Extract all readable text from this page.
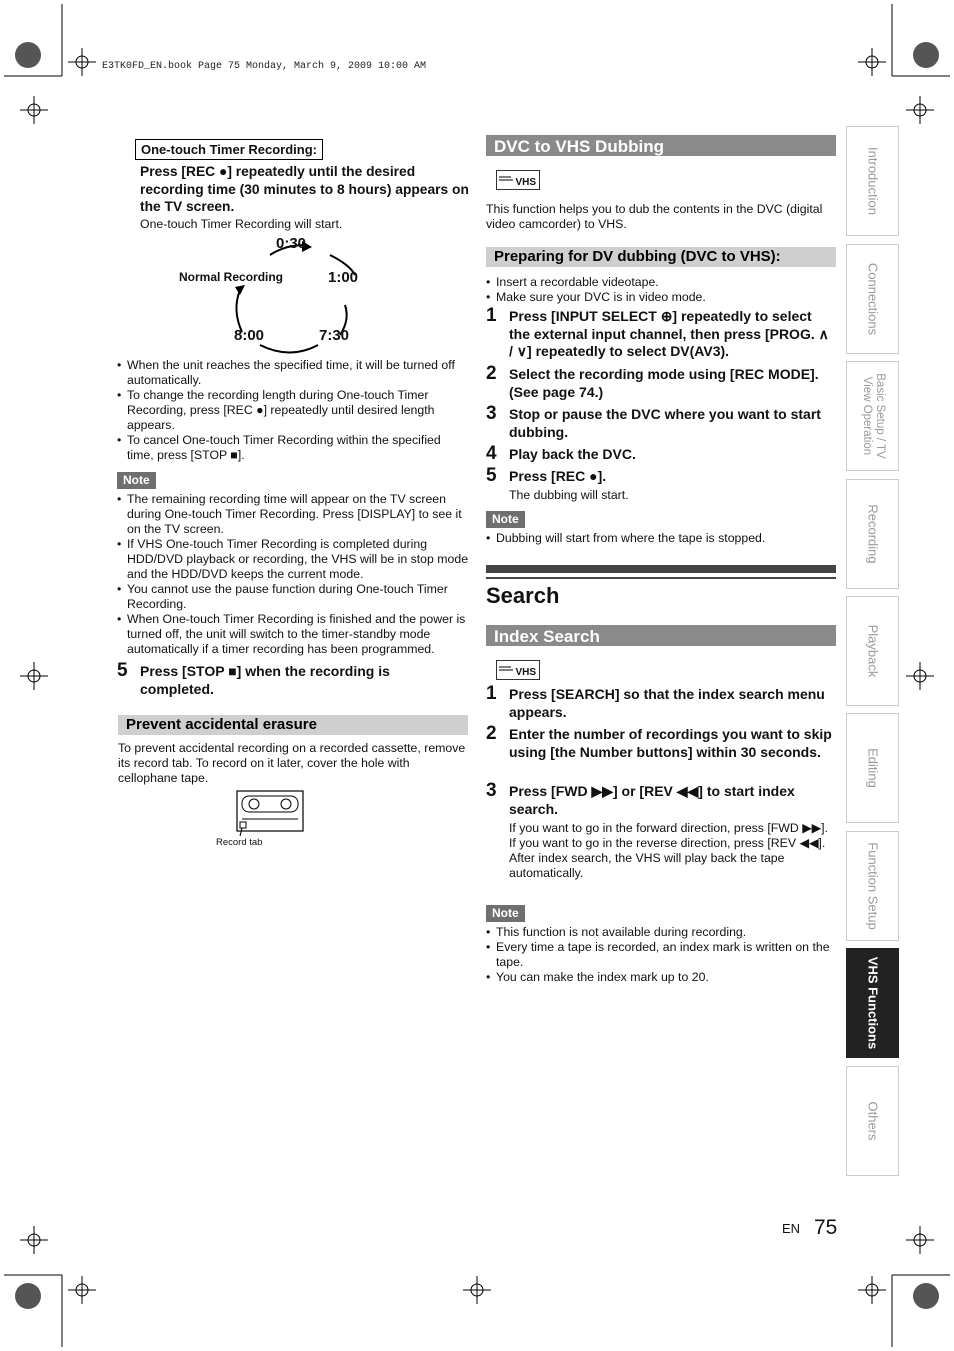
E3TK0FD_EN.book Page 75 Monday, March 9, 2009 10:00 AM
One-touch Timer Recording:
Press [REC ●] repeatedly until the desired recording time (30 minutes to 8 hours) appears on the TV screen.
One-touch Timer Recording will start.
Normal Recording
0:30
1:00
8:00	7:30
• When the unit reaches the specified time, it will be turned off automatically.
• To change the recording length during One-touch Timer Recording, press [REC ●] repeatedly until desired length appears.
• To cancel One-touch Timer Recording within the specified time, press [STOP ■].
Note
• The remaining recording time will appear on the TV screen during One-touch Timer Recording. Press [DISPLAY] to see it on the TV screen.
• If VHS One-touch Timer Recording is completed during HDD/DVD playback or recording, the VHS will be in stop mode and the HDD/DVD keeps the current mode.
• You cannot use the pause function during One-touch Timer Recording.
• When One-touch Timer Recording is finished and the power is turned off, the unit will switch to the timer-standby mode automatically if a timer recording has been programmed.
5 Press [STOP ■] when the recording is completed.
Prevent accidental erasure
To prevent accidental recording on a recorded cassette, remove its record tab. To record on it later, cover the hole with cellophane tape.
Record tab
DVC to VHS Dubbing
VHS
This function helps you to dub the contents in the DVC (digital video camcorder) to VHS.
Preparing for DV dubbing (DVC to VHS):
• Insert a recordable videotape.
• Make sure your DVC is in video mode.
1 Press [INPUT SELECT ⊕] repeatedly to select the external input channel, then press [PROG. ∧ / ∨] repeatedly to select DV(AV3).
2 Select the recording mode using [REC MODE]. (See page 74.)
3 Stop or pause the DVC where you want to start dubbing.
4 Play back the DVC.
5 Press [REC ●].
The dubbing will start.
Note
• Dubbing will start from where the tape is stopped.
Search
Index Search
VHS
1 Press [SEARCH] so that the index search menu appears.
2 Enter the number of recordings you want to skip using [the Number buttons] within 30 seconds.
3 Press [FWD ▶▶] or [REV ◀◀] to start index search.
If you want to go in the forward direction, press [FWD ▶▶].
If you want to go in the reverse direction, press [REV ◀◀].
After index search, the VHS will play back the tape automatically.
Note
• This function is not available during recording.
• Every time a tape is recorded, an index mark is written on the tape.
• You can make the index mark up to 20.
Introduction
Connections
Basic Setup / TV View Operation
Recording
Playback
Editing
Function Setup
VHS Functions
Others
EN 75
